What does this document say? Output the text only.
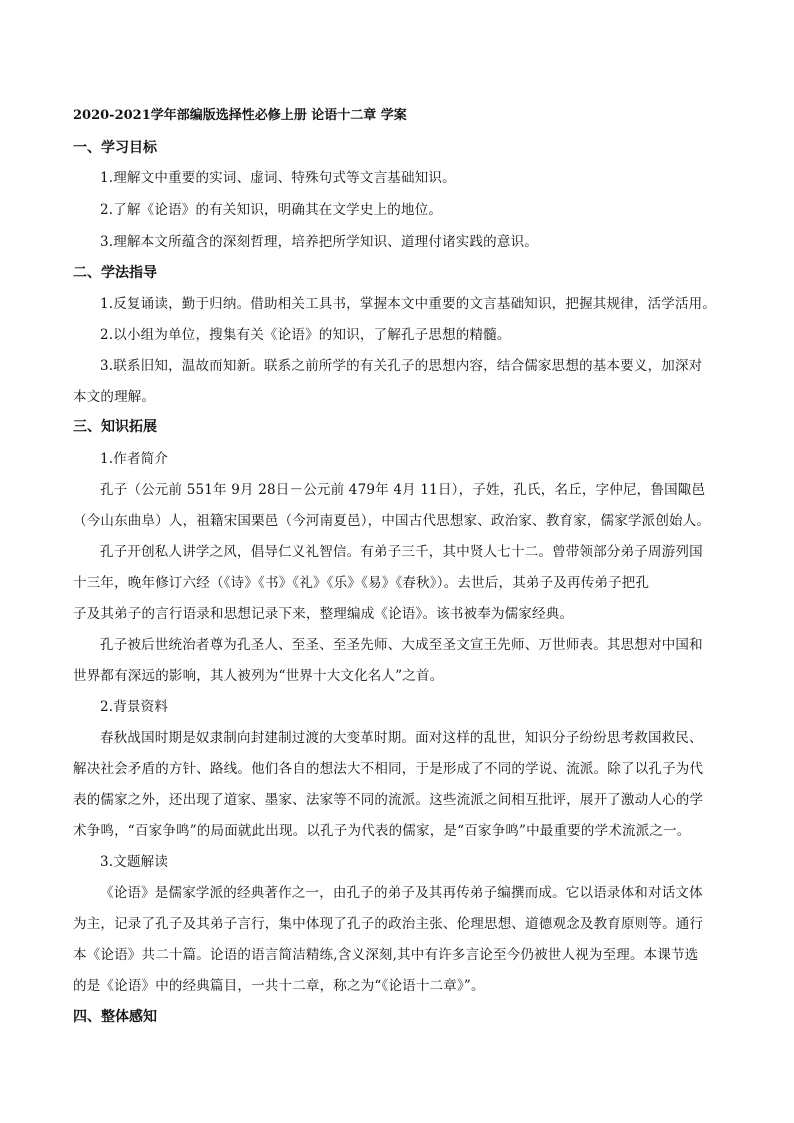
2020-2021学年部编版选择性必修上册 论语十二章 学案
一、学习目标
1.理解文中重要的实词、虚词、特殊句式等文言基础知识。
2.了解《论语》的有关知识，明确其在文学史上的地位。
3.理解本文所蕴含的深刻哲理，培养把所学知识、道理付诸实践的意识。
二、学法指导
1.反复诵读，勤于归纳。借助相关工具书，掌握本文中重要的文言基础知识，把握其规律，活学活用。
2.以小组为单位，搜集有关《论语》的知识，了解孔子思想的精髓。
3.联系旧知，温故而知新。联系之前所学的有关孔子的思想内容，结合儒家思想的基本要义，加深对
本文的理解。
三、知识拓展
1.作者简介
孔子（公元前 551年 9月 28日－公元前 479年 4月 11日），子姓，孔氏，名丘，字仲尼，鲁国陬邑
（今山东曲阜）人，祖籍宋国栗邑（今河南夏邑），中国古代思想家、政治家、教育家，儒家学派创始人。
孔子开创私人讲学之风，倡导仁义礼智信。有弟子三千，其中贤人七十二。曾带领部分弟子周游列国
十三年，晚年修订六经（《诗》《书》《礼》《乐》《易》《春秋》）。去世后，其弟子及再传弟子把孔
子及其弟子的言行语录和思想记录下来，整理编成《论语》。该书被奉为儒家经典。
孔子被后世统治者尊为孔圣人、至圣、至圣先师、大成至圣文宣王先师、万世师表。其思想对中国和
世界都有深远的影响，其人被列为“世界十大文化名人”之首。
2.背景资料
春秋战国时期是奴隶制向封建制过渡的大变革时期。面对这样的乱世，知识分子纷纷思考救国救民、
解决社会矛盾的方针、路线。他们各自的想法大不相同，于是形成了不同的学说、流派。除了以孔子为代
表的儒家之外，还出现了道家、墨家、法家等不同的流派。这些流派之间相互批评，展开了激动人心的学
术争鸣，“百家争鸣”的局面就此出现。以孔子为代表的儒家，是“百家争鸣”中最重要的学术流派之一。
3.文题解读
《论语》是儒家学派的经典著作之一，由孔子的弟子及其再传弟子编撰而成。它以语录体和对话文体
为主，记录了孔子及其弟子言行，集中体现了孔子的政治主张、伦理思想、道德观念及教育原则等。通行
本《论语》共二十篇。论语的语言简洁精练,含义深刻,其中有许多言论至今仍被世人视为至理。本课节选
的是《论语》中的经典篇目，一共十二章，称之为“《论语十二章》”。
四、整体感知
